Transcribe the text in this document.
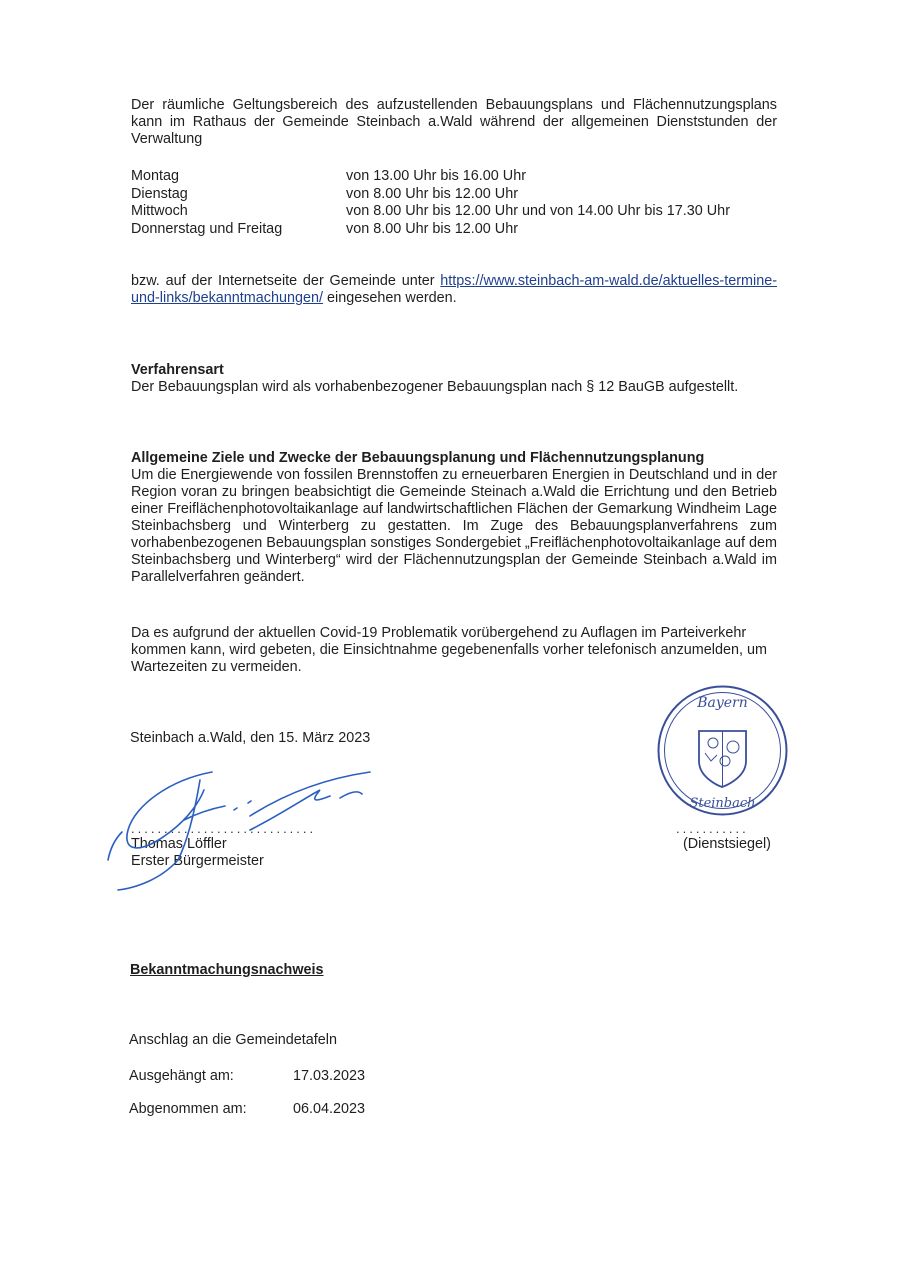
Der räumliche Geltungsbereich des aufzustellenden Bebauungsplans und Flächennutzungsplans kann im Rathaus der Gemeinde Steinbach a.Wald während der allgemeinen Dienststunden der Verwaltung
Montag	von 13.00 Uhr bis 16.00 Uhr
Dienstag	von 8.00 Uhr bis 12.00 Uhr
Mittwoch	von 8.00 Uhr bis 12.00 Uhr und von 14.00 Uhr bis 17.30 Uhr
Donnerstag und Freitag	von 8.00 Uhr bis 12.00 Uhr
bzw. auf der Internetseite der Gemeinde unter https://www.steinbach-am-wald.de/aktuelles-termine-und-links/bekanntmachungen/ eingesehen werden.
Verfahrensart
Der Bebauungsplan wird als vorhabenbezogener Bebauungsplan nach § 12 BauGB aufgestellt.
Allgemeine Ziele und Zwecke der Bebauungsplanung und Flächennutzungsplanung
Um die Energiewende von fossilen Brennstoffen zu erneuerbaren Energien in Deutschland und in der Region voran zu bringen beabsichtigt die Gemeinde Steinach a.Wald die Errichtung und den Betrieb einer Freiflächenphotovoltaikanlage auf landwirtschaftlichen Flächen der Gemarkung Windheim Lage Steinbachsberg und Winterberg zu gestatten. Im Zuge des Bebauungsplanverfahrens zum vorhabenbezogenen Bebauungsplan sonstiges Sondergebiet „Freiflächenphotovoltaikanlage auf dem Steinbachsberg und Winterberg“ wird der Flächennutzungsplan der Gemeinde Steinbach a.Wald im Parallelverfahren geändert.
Da es aufgrund der aktuellen Covid-19 Problematik vorübergehend zu Auflagen im Parteiverkehr kommen kann, wird gebeten, die Einsichtnahme gegebenenfalls vorher telefonisch anzumelden, um Wartezeiten zu vermeiden.
Steinbach a.Wald, den 15. März 2023
............................
Thomas Löffler
Erster Bürgermeister
Bayern
Steinbach
...........
(Dienstsiegel)
Bekanntmachungsnachweis
Anschlag an die Gemeindetafeln
Ausgehängt am:	17.03.2023
Abgenommen am:	06.04.2023
